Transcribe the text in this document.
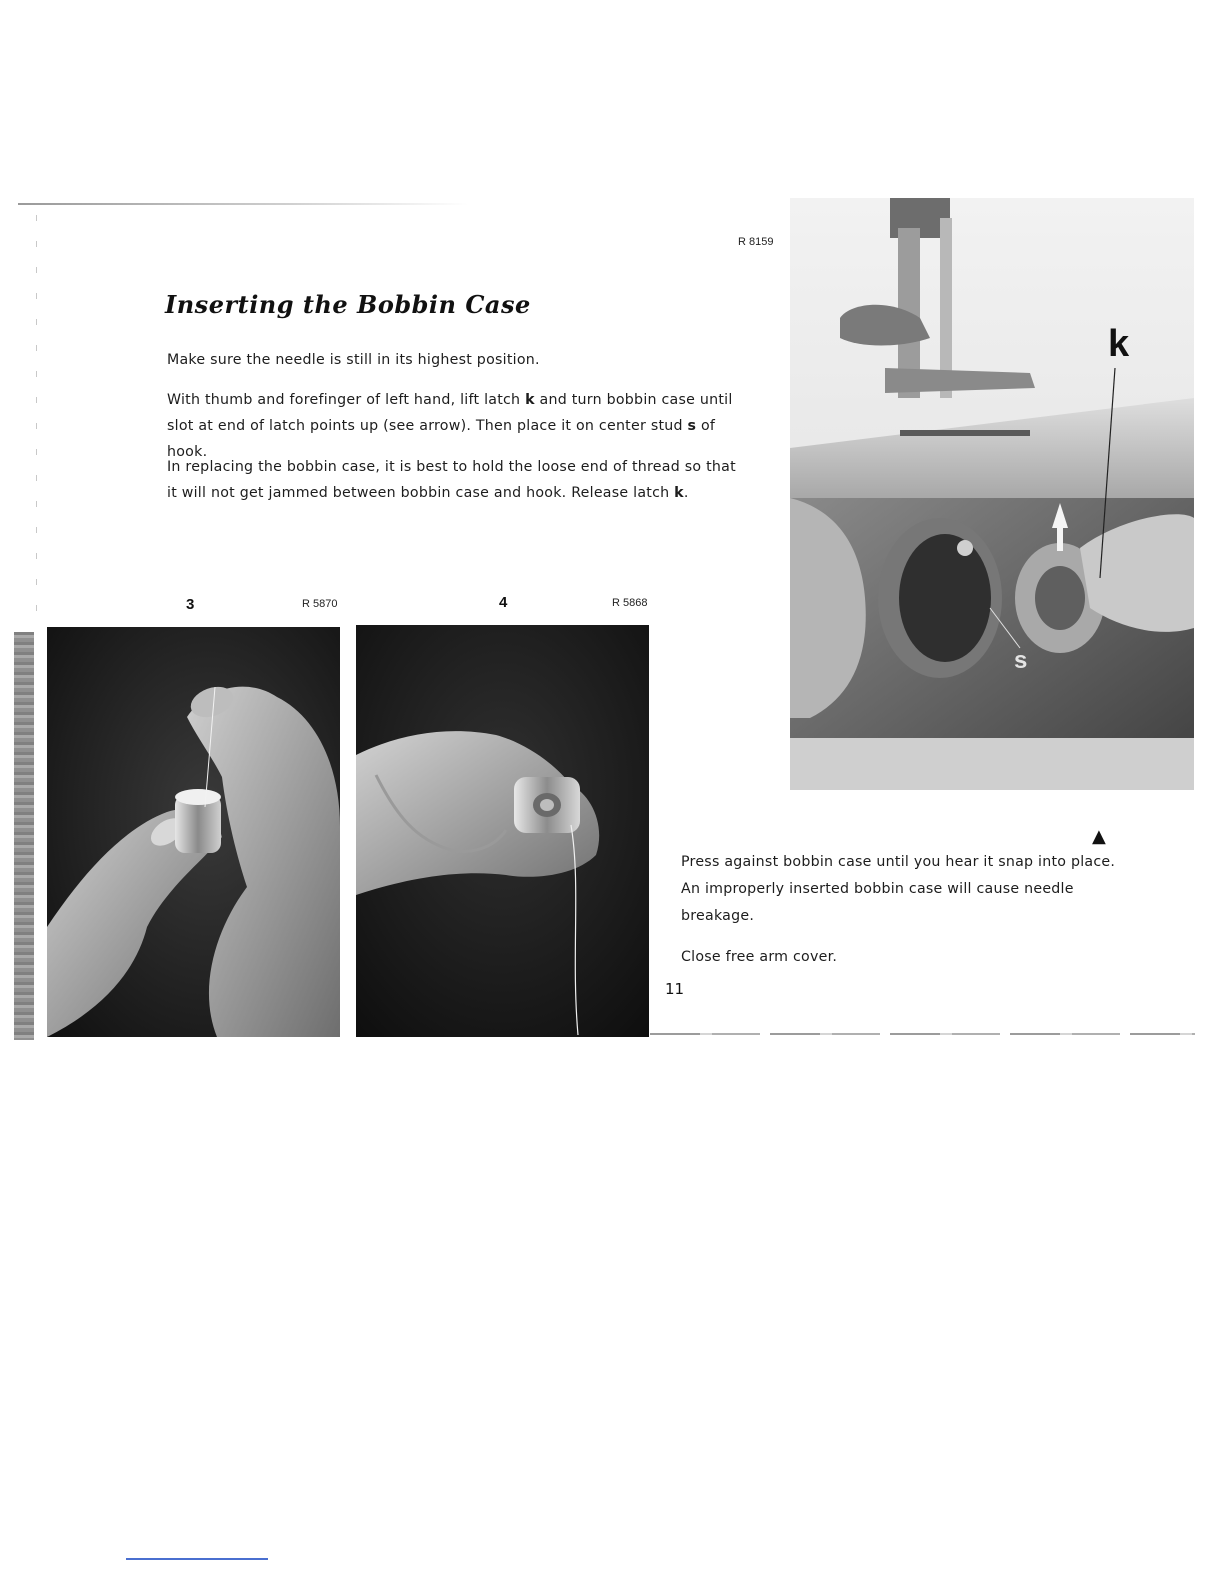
Inserting the Bobbin Case
R 8159
Make sure the needle is still in its highest position.
With thumb and forefinger of left hand, lift latch k and turn bobbin case until slot at end of latch points up (see arrow). Then place it on center stud s of hook.
In replacing the bobbin case, it is best to hold the loose end of thread so that it will not get jammed between bobbin case and hook. Release latch k.
3	R 5870	4	R 5868
k
s
▲
Press against bobbin case until you hear it snap into place. An improperly inserted bobbin case will cause needle breakage.
Close free arm cover.
11
